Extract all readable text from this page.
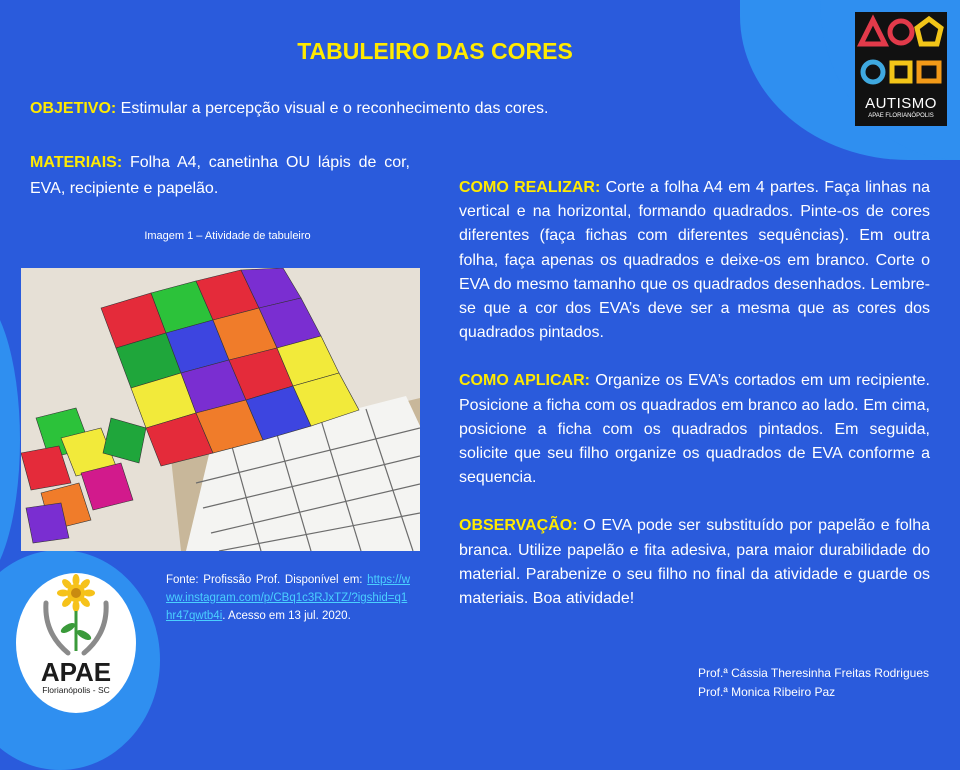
TABULEIRO DAS CORES
OBJETIVO: Estimular a percepção visual e o reconhecimento das cores.
MATERIAIS: Folha A4, canetinha OU lápis de cor, EVA, recipiente e papelão.
Imagem 1 – Atividade de tabuleiro
Fonte: Profissão Prof. Disponível em: https://www.instagram.com/p/CBq1c3RJxTZ/?igshid=q1hr47qwtb4i. Acesso em 13 jul. 2020.

COMO REALIZAR: Corte a folha A4 em 4 partes. Faça linhas na vertical e na horizontal, formando quadrados. Pinte-os de cores diferentes (faça fichas com diferentes sequências). Em outra folha, faça apenas os quadrados e deixe-os em branco. Corte o EVA do mesmo tamanho que os quadrados desenhados. Lembre-se que a cor dos EVA’s deve ser a mesma que as cores dos quadrados pintados.

COMO APLICAR: Organize os EVA’s cortados em um recipiente. Posicione a ficha com os quadrados em branco ao lado. Em cima, posicione a ficha com os quadrados pintados. Em seguida, solicite que seu filho organize os quadrados de EVA conforme a sequencia.

OBSERVAÇÃO: O EVA pode ser substituído por papelão e folha branca. Utilize papelão e fita adesiva, para maior durabilidade do material. Parabenize o seu filho no final da atividade e guarde os materiais. Boa atividade!

AUTISMO
APAE FLORIANÓPOLIS
APAE
Florianópolis - SC
Prof.ª Cássia Theresinha Freitas Rodrigues
Prof.ª Monica Ribeiro Paz
